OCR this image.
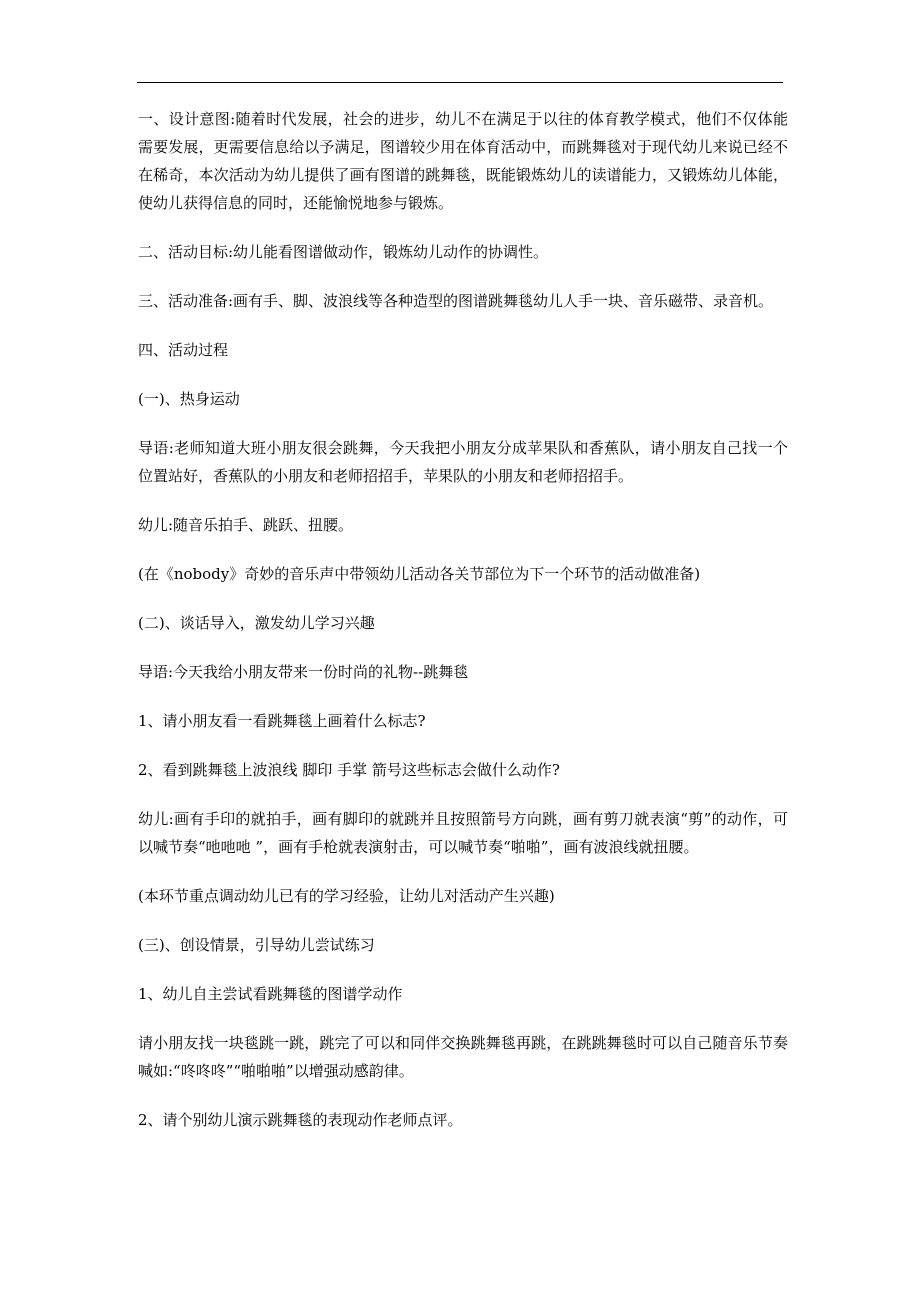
一、设计意图:随着时代发展，社会的进步，幼儿不在满足于以往的体育教学模式，他们不仅体能需要发展，更需要信息给以予满足，图谱较少用在体育活动中，而跳舞毯对于现代幼儿来说已经不在稀奇，本次活动为幼儿提供了画有图谱的跳舞毯，既能锻炼幼儿的读谱能力，又锻炼幼儿体能，使幼儿获得信息的同时，还能愉悦地参与锻炼。

二、活动目标:幼儿能看图谱做动作，锻炼幼儿动作的协调性。

三、活动准备:画有手、脚、波浪线等各种造型的图谱跳舞毯幼儿人手一块、音乐磁带、录音机。

四、活动过程

(一)、热身运动

导语:老师知道大班小朋友很会跳舞，今天我把小朋友分成苹果队和香蕉队，请小朋友自己找一个位置站好，香蕉队的小朋友和老师招招手，苹果队的小朋友和老师招招手。

幼儿:随音乐拍手、跳跃、扭腰。

(在《nobody》奇妙的音乐声中带领幼儿活动各关节部位为下一个环节的活动做准备)

(二)、谈话导入，激发幼儿学习兴趣

导语:今天我给小朋友带来一份时尚的礼物--跳舞毯

1、请小朋友看一看跳舞毯上画着什么标志?

2、看到跳舞毯上波浪线 脚印 手掌 箭号这些标志会做什么动作?

幼儿:画有手印的就拍手，画有脚印的就跳并且按照箭号方向跳，画有剪刀就表演“剪”的动作，可以喊节奏“吔吔吔 ”，画有手枪就表演射击，可以喊节奏“啪啪”，画有波浪线就扭腰。

(本环节重点调动幼儿已有的学习经验，让幼儿对活动产生兴趣)

(三)、创设情景，引导幼儿尝试练习

1、幼儿自主尝试看跳舞毯的图谱学动作

请小朋友找一块毯跳一跳，跳完了可以和同伴交换跳舞毯再跳，在跳跳舞毯时可以自己随音乐节奏喊如:“咚咚咚”“啪啪啪”以增强动感韵律。

2、请个别幼儿演示跳舞毯的表现动作老师点评。
